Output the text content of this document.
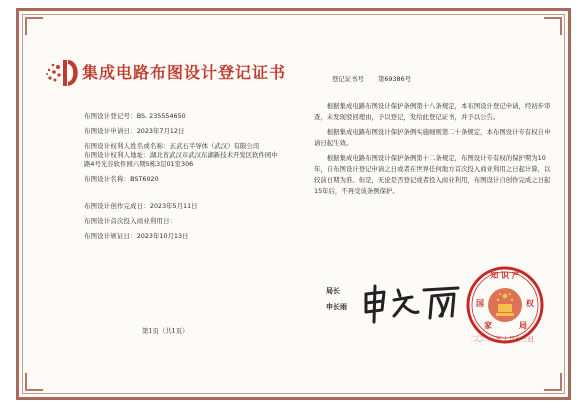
集成电路布图设计登记证书
布图设计登记号：BS. 235554650
布图设计申请日：2023年7月12日
布图设计权利人姓名或名称：玄武石半导体（武汉）有限公司
布图设计权利人地址：湖北省武汉市武汉东湖新技术开发区软件园中路4号光谷软件园六期5栋3层01室306
布图设计名称：BST6020
布图设计创作完成日：2023年5月11日
布图设计首次投入商业利用日：
布图设计颁证日：2023年10月13日
第1页（共1页）
登记证书号 第69386号

根据集成电路布图设计保护条例第十八条规定，本布图设计登记申请，经初步审查，未发现驳回理由，予以登记，发给此登记证书，并予以公告。

根据集成电路布图设计保护条例实施细则第二十条规定，本布图设计专有权自申请日起生效。

根据集成电路布图设计保护条例第十二条规定，布图设计专有权的保护期为10年，自布图设计登记申请之日或者在世界任何地方首次投入商业利用之日起计算，以较前日期为准。但是，无论是否登记或者投入商业利用，布图设计自创作完成之日起15年后，不再受该条例保护。

局长
申长雨
知 识 产
国	权
家	局
二〇二三年十月十三日
